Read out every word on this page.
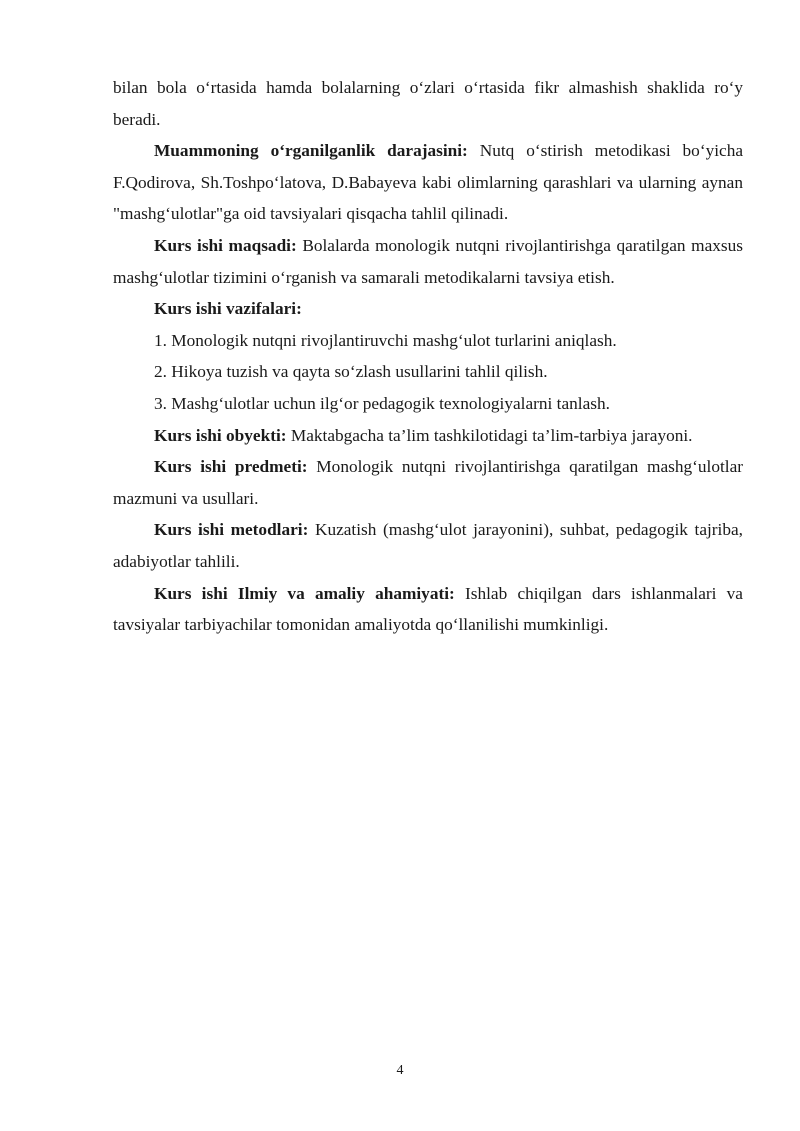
bilan bola o‘rtasida hamda bolalarning o‘zlari o‘rtasida fikr almashish shaklida ro‘y beradi.

Muammoning o‘rganilganlik darajasini: Nutq o‘stirish metodikasi bo‘yicha F.Qodirova, Sh.Toshpo‘latova, D.Babayeva kabi olimlarning qarashlari va ularning aynan "mashg‘ulotlar"ga oid tavsiyalari qisqacha tahlil qilinadi.

Kurs ishi maqsadi: Bolalarda monologik nutqni rivojlantirishga qaratilgan maxsus mashg‘ulotlar tizimini o‘rganish va samarali metodikalarni tavsiya etish.

Kurs ishi vazifalari:

1. Monologik nutqni rivojlantiruvchi mashg‘ulot turlarini aniqlash.

2. Hikoya tuzish va qayta so‘zlash usullarini tahlil qilish.

3. Mashg‘ulotlar uchun ilg‘or pedagogik texnologiyalarni tanlash.

Kurs ishi obyekti: Maktabgacha ta’lim tashkilotidagi ta’lim-tarbiya jarayoni.

Kurs ishi predmeti: Monologik nutqni rivojlantirishga qaratilgan mashg‘ulotlar mazmuni va usullari.

Kurs ishi metodlari: Kuzatish (mashg‘ulot jarayonini), suhbat, pedagogik tajriba, adabiyotlar tahlili.

Kurs ishi Ilmiy va amaliy ahamiyati: Ishlab chiqilgan dars ishlanmalari va tavsiyalar tarbiyachilar tomonidan amaliyotda qo‘llanilishi mumkinligi.

4
